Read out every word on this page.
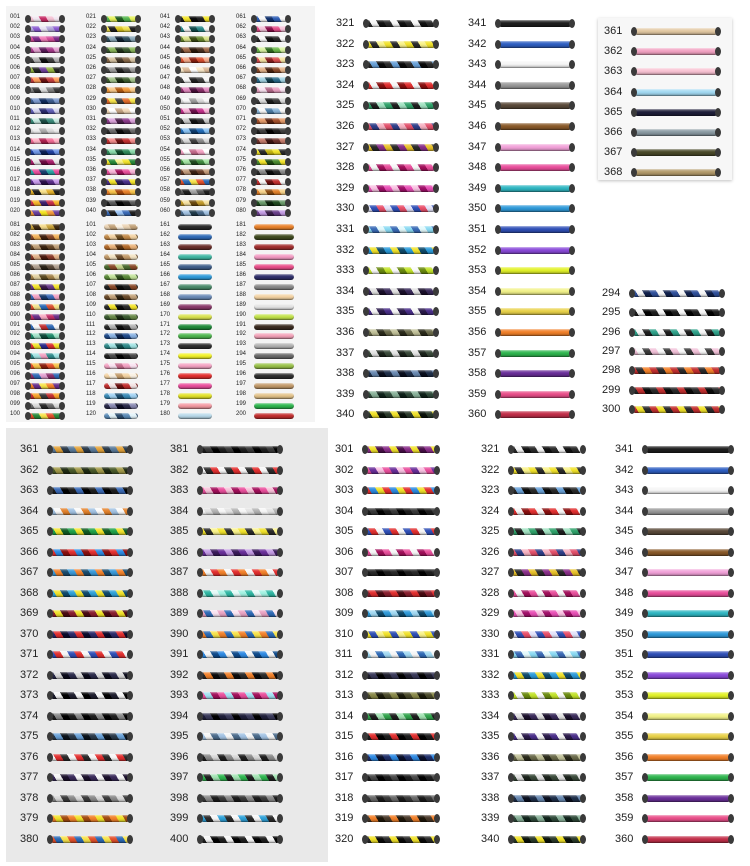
001
002
003
004
005
006
007
008
009
010
011
012
013
014
015
016
017
018
019
020
021
022
023
024
025
026
027
028
029
030
031
032
033
034
035
036
037
038
039
040
041
042
043
044
045
046
047
048
049
050
051
052
053
054
055
056
057
058
059
060
061
062
063
064
065
066
067
068
069
070
071
072
073
074
075
076
077
078
079
080
081
082
083
084
085
086
087
088
089
090
091
092
093
094
095
096
097
098
099
100
101
102
103
104
105
106
107
108
109
110
111
112
113
114
115
116
117
118
119
120
161
162
163
164
165
166
167
168
169
170
171
172
173
174
175
176
177
178
179
180
181
182
183
184
185
186
187
188
189
190
191
192
193
194
195
196
197
198
199
200
321
322
323
324
325
326
327
328
329
330
331
332
333
334
335
336
337
338
339
340
341
342
343
344
345
346
347
348
349
350
351
352
353
354
355
356
357
358
359
360
294
295
296
297
298
299
300
361
362
363
364
365
366
367
368
361
362
363
364
365
366
367
368
369
370
371
372
373
374
375
376
377
378
379
380
381
382
383
384
385
386
387
388
389
390
391
392
393
394
395
396
397
398
399
400
301
302
303
304
305
306
307
308
309
310
311
312
313
314
315
316
317
318
319
320
321
322
323
324
325
326
327
328
329
330
331
332
333
334
335
336
337
338
339
340
341
342
343
344
345
346
347
348
349
350
351
352
353
354
355
356
357
358
359
360
